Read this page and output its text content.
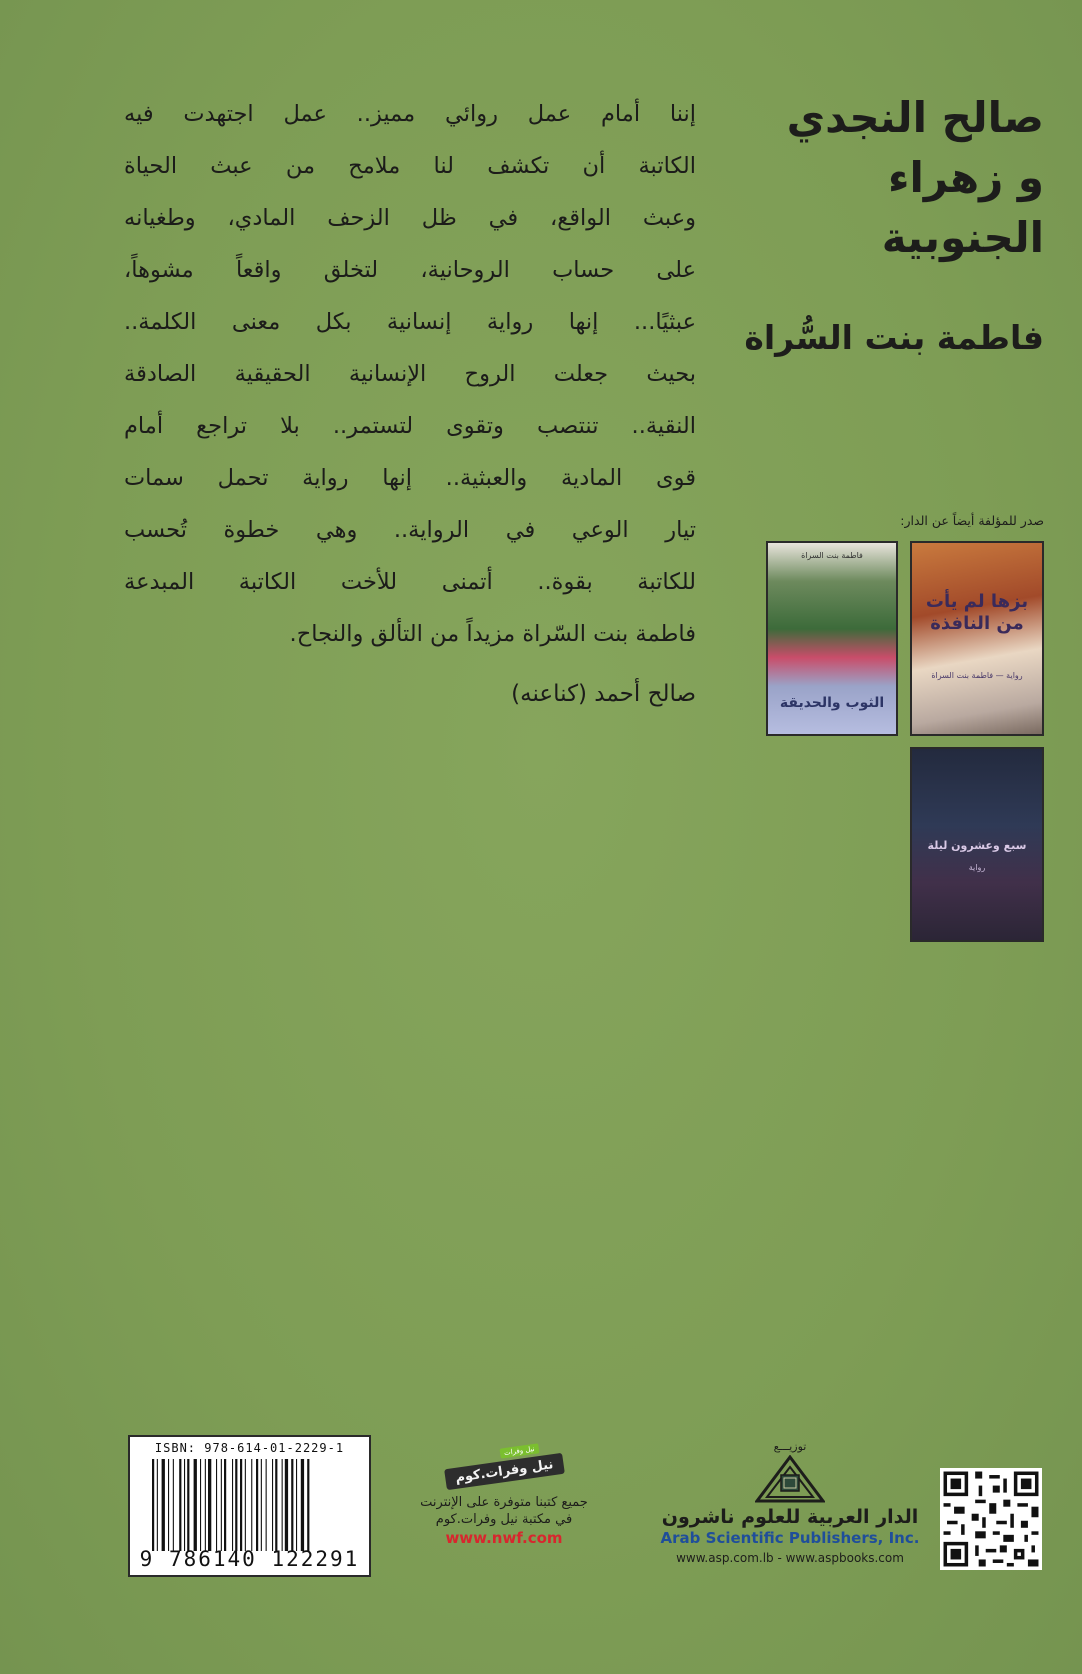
صالح النجدي
و زهراء الجنوبية
فاطمة بنت السُّراة
إننا أمام عمل روائي مميز.. عمل اجتهدت فيه
الكاتبة أن تكشف لنا ملامح من عبث الحياة
وعبث الواقع، في ظل الزحف المادي، وطغيانه
على حساب الروحانية، لتخلق واقعاً مشوهاً،
عبثيًا... إنها رواية إنسانية بكل معنى الكلمة..
بحيث جعلت الروح الإنسانية الحقيقية الصادقة
النقية.. تنتصب وتقوى لتستمر.. بلا تراجع أمام
قوى المادية والعبثية.. إنها رواية تحمل سمات
تيار الوعي في الرواية.. وهي خطوة تُحسب
للكاتبة بقوة.. أتمنى للأخت الكاتبة المبدعة
فاطمة بنت السّراة مزيداً من التألق والنجاح.
صالح أحمد (كناعنه)
صدر للمؤلفة أيضاً عن الدار:
بزها لم يأت من النافذة
رواية — فاطمة بنت السراة
فاطمة بنت السراة
الثوب والحديقة
سبع وعشرون ليلة
رواية
ISBN: 978-614-01-2229-1
9 786140 122291
نيل وفرات
نيل وفرات.كوم
جميع كتبنا متوفرة على الإنترنت
في مكتبة نيل وفرات.كوم
www.nwf.com
توزيـــع
الدار العربية للعلوم ناشرون
Arab Scientific Publishers, Inc.
www.asp.com.lb - www.aspbooks.com
